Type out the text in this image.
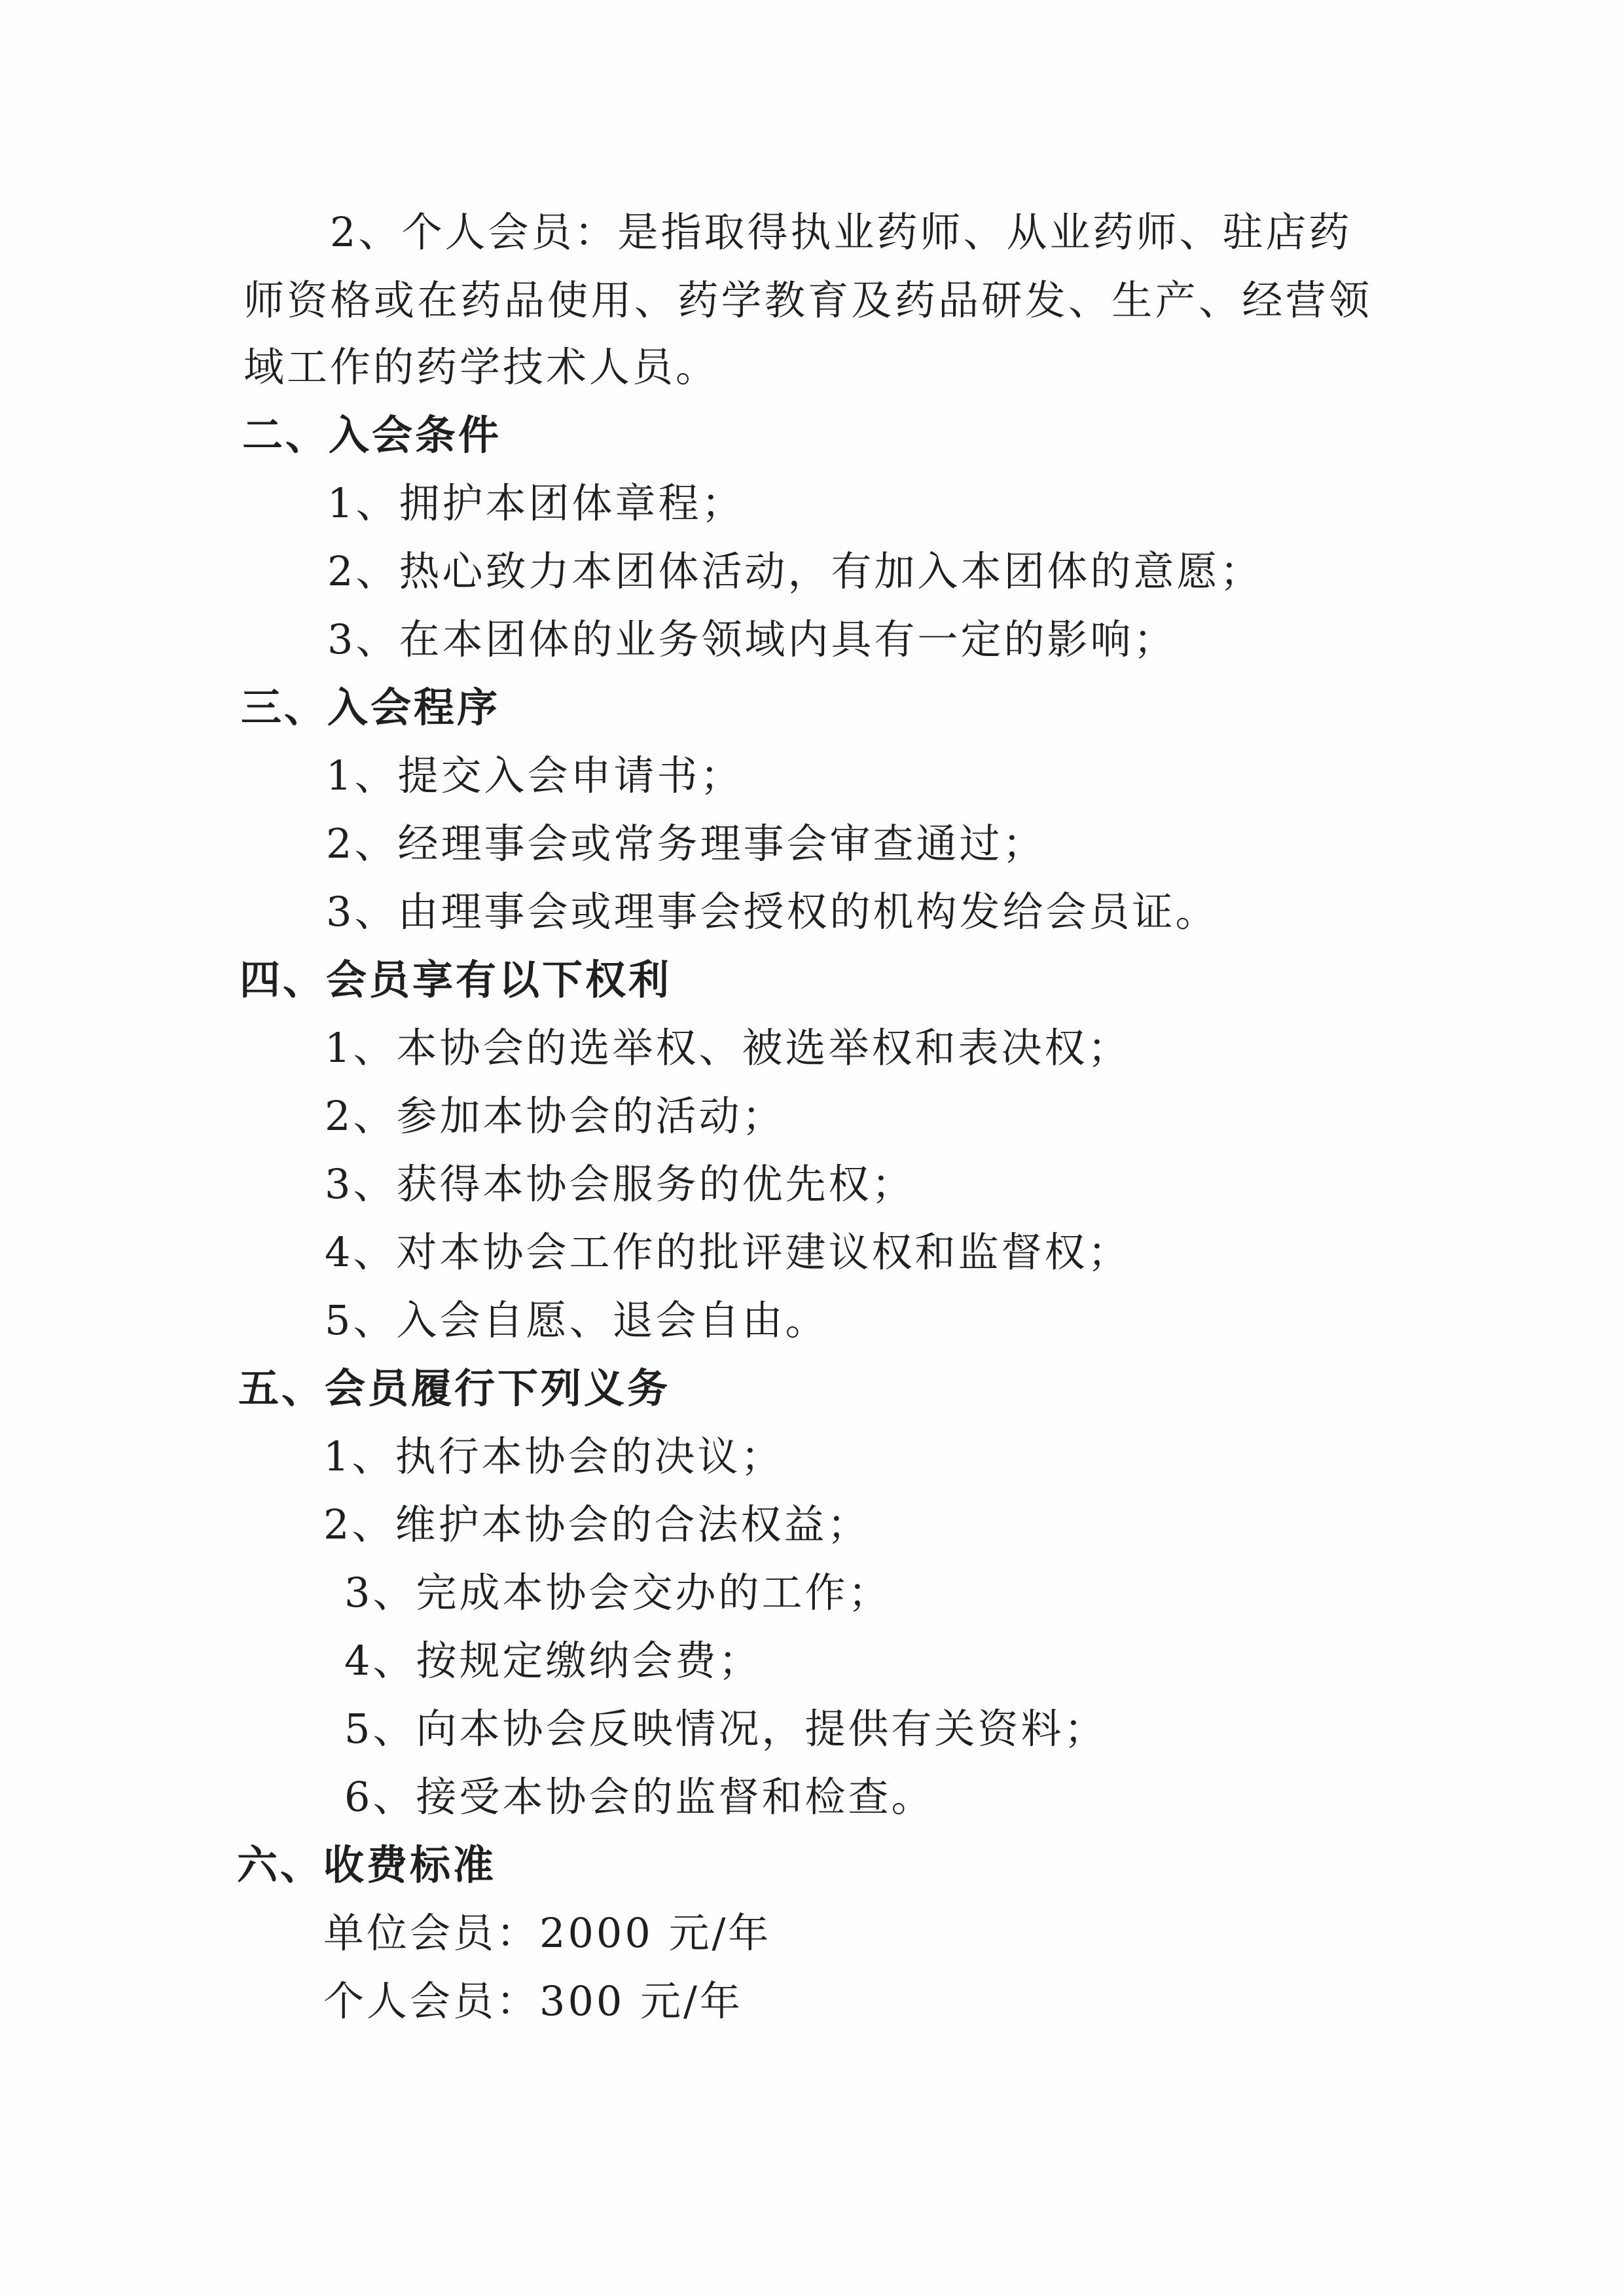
2、个人会员：是指取得执业药师、从业药师、驻店药
师资格或在药品使用、药学教育及药品研发、生产、经营领
域工作的药学技术人员。
二、入会条件
1、拥护本团体章程；
2、热心致力本团体活动，有加入本团体的意愿；
3、在本团体的业务领域内具有一定的影响；
三、入会程序
1、提交入会申请书；
2、经理事会或常务理事会审查通过；
3、由理事会或理事会授权的机构发给会员证。
四、会员享有以下权利
1、本协会的选举权、被选举权和表决权；
2、参加本协会的活动；
3、获得本协会服务的优先权；
4、对本协会工作的批评建议权和监督权；
5、入会自愿、退会自由。
五、会员履行下列义务
1、执行本协会的决议；
2、维护本协会的合法权益；
3、完成本协会交办的工作；
4、按规定缴纳会费；
5、向本协会反映情况，提供有关资料；
6、接受本协会的监督和检查。
六、收费标准
单位会员：2000 元/年
个人会员：300 元/年
